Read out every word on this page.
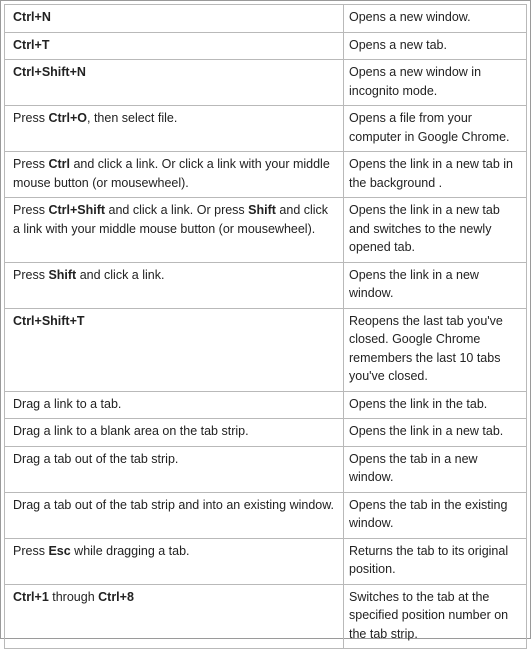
Ctrl+N	Opens a new window.
Ctrl+T	Opens a new tab.
Ctrl+Shift+N	Opens a new window in incognito mode.
Press Ctrl+O, then select file.	Opens a file from your computer in Google Chrome.
Press Ctrl and click a link. Or click a link with your middle mouse button (or mousewheel).	Opens the link in a new tab in the background .
Press Ctrl+Shift and click a link. Or press Shift and click a link with your middle mouse button (or mousewheel).	Opens the link in a new tab and switches to the newly opened tab.
Press Shift and click a link.	Opens the link in a new window.
Ctrl+Shift+T	Reopens the last tab you've closed. Google Chrome remembers the last 10 tabs you've closed.
Drag a link to a tab.	Opens the link in the tab.
Drag a link to a blank area on the tab strip.	Opens the link in a new tab.
Drag a tab out of the tab strip.	Opens the tab in a new window.
Drag a tab out of the tab strip and into an existing window.	Opens the tab in the existing window.
Press Esc while dragging a tab.	Returns the tab to its original position.
Ctrl+1 through Ctrl+8	Switches to the tab at the specified position number on the tab strip.
